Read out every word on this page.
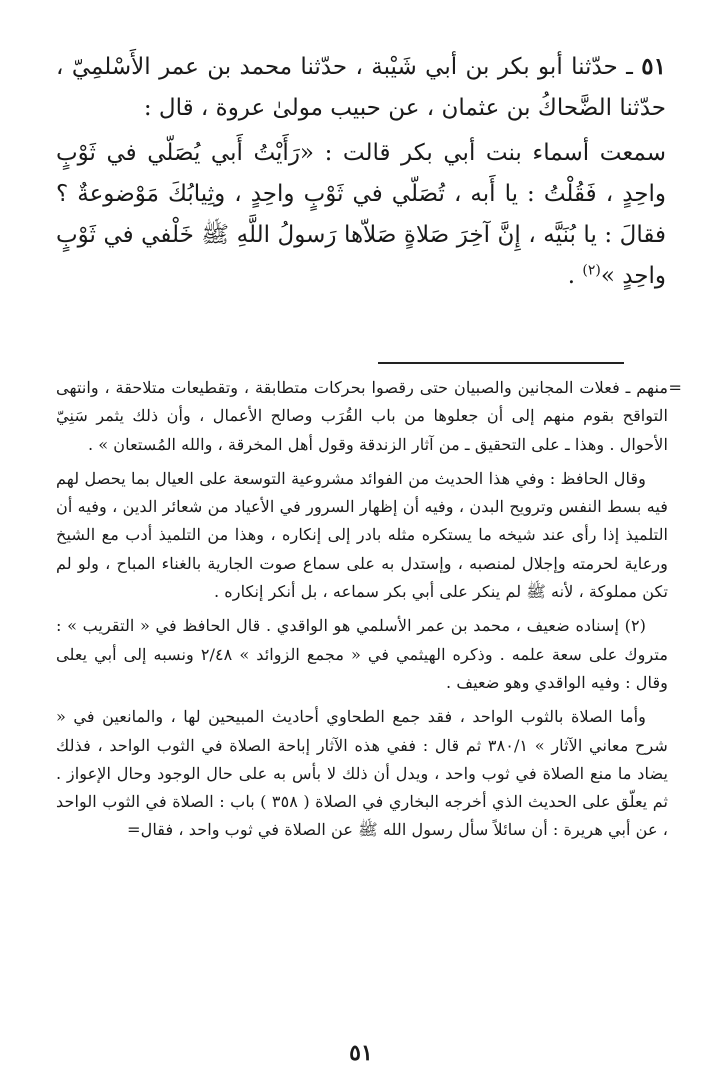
٥١ ـ حدّثنا أبو بكر بن أبي شَيْبة ، حدّثنا محمد بن عمر الأَسْلمِيّ ، حدّثنا الضَّحاكُ بن عثمان ، عن حبيب مولىٰ عروة ، قال :

سمعت أسماء بنت أبي بكر قالت : «رَأَيْتُ أَبي يُصَلّي في ثَوْبٍ واحِدٍ ، فَقُلْتُ : يا أَبه ، تُصَلّي في ثَوْبٍ واحِدٍ ، وثِيابُكَ مَوْضوعةٌ ؟ فقالَ : يا بُنَيَّه ، إِنَّ آخِرَ صَلاةٍ صَلاّها رَسولُ اللَّهِ ﷺ خَلْفي في ثَوْبٍ واحِدٍ »$^{(٢)}$ .

=
منهم ـ فعلات المجانين والصبيان حتى رقصوا بحركات متطابقة ، وتقطيعات متلاحقة ، وانتهى التواقح بقوم منهم إلى أن جعلوها من باب القُرَب وصالح الأعمال ، وأن ذلك يثمر سَنِيّ الأحوال . وهذا ـ على التحقيق ـ من آثار الزندقة وقول أهل المخرقة ، والله المُستعان » .

وقال الحافظ : وفي هذا الحديث من الفوائد مشروعية التوسعة على العيال بما يحصل لهم فيه بسط النفس وترويح البدن ، وفيه أن إظهار السرور في الأعياد من شعائر الدين ، وفيه أن التلميذ إذا رأى عند شيخه ما يستكره مثله بادر إلى إنكاره ، وهذا من التلميذ أدب مع الشيخ ورعاية لحرمته وإجلال لمنصبه ، وإستدل به على سماع صوت الجارية بالغناء المباح ، ولو لم تكن مملوكة ، لأنه ﷺ لم ينكر على أبي بكر سماعه ، بل أنكر إنكاره .

(٢) إسناده ضعيف ، محمد بن عمر الأسلمي هو الواقدي . قال الحافظ في « التقريب » : متروك على سعة علمه . وذكره الهيثمي في « مجمع الزوائد » ٢/٤٨ ونسبه إلى أبي يعلى وقال : وفيه الواقدي وهو ضعيف .

وأما الصلاة بالثوب الواحد ، فقد جمع الطحاوي أحاديث المبيحين لها ، والمانعين في « شرح معاني الآثار » ٣٨٠/١ ثم قال : ففي هذه الآثار إباحة الصلاة في الثوب الواحد ، فذلك يضاد ما منع الصلاة في ثوب واحد ، ويدل أن ذلك لا بأس به على حال الوجود وحال الإعواز . ثم يعلّق على الحديث الذي أخرجه البخاري في الصلاة ( ٣٥٨ ) باب : الصلاة في الثوب الواحد ، عن أبي هريرة : أن سائلاً سأل رسول الله ﷺ عن الصلاة في ثوب واحد ، فقال=

٥١
